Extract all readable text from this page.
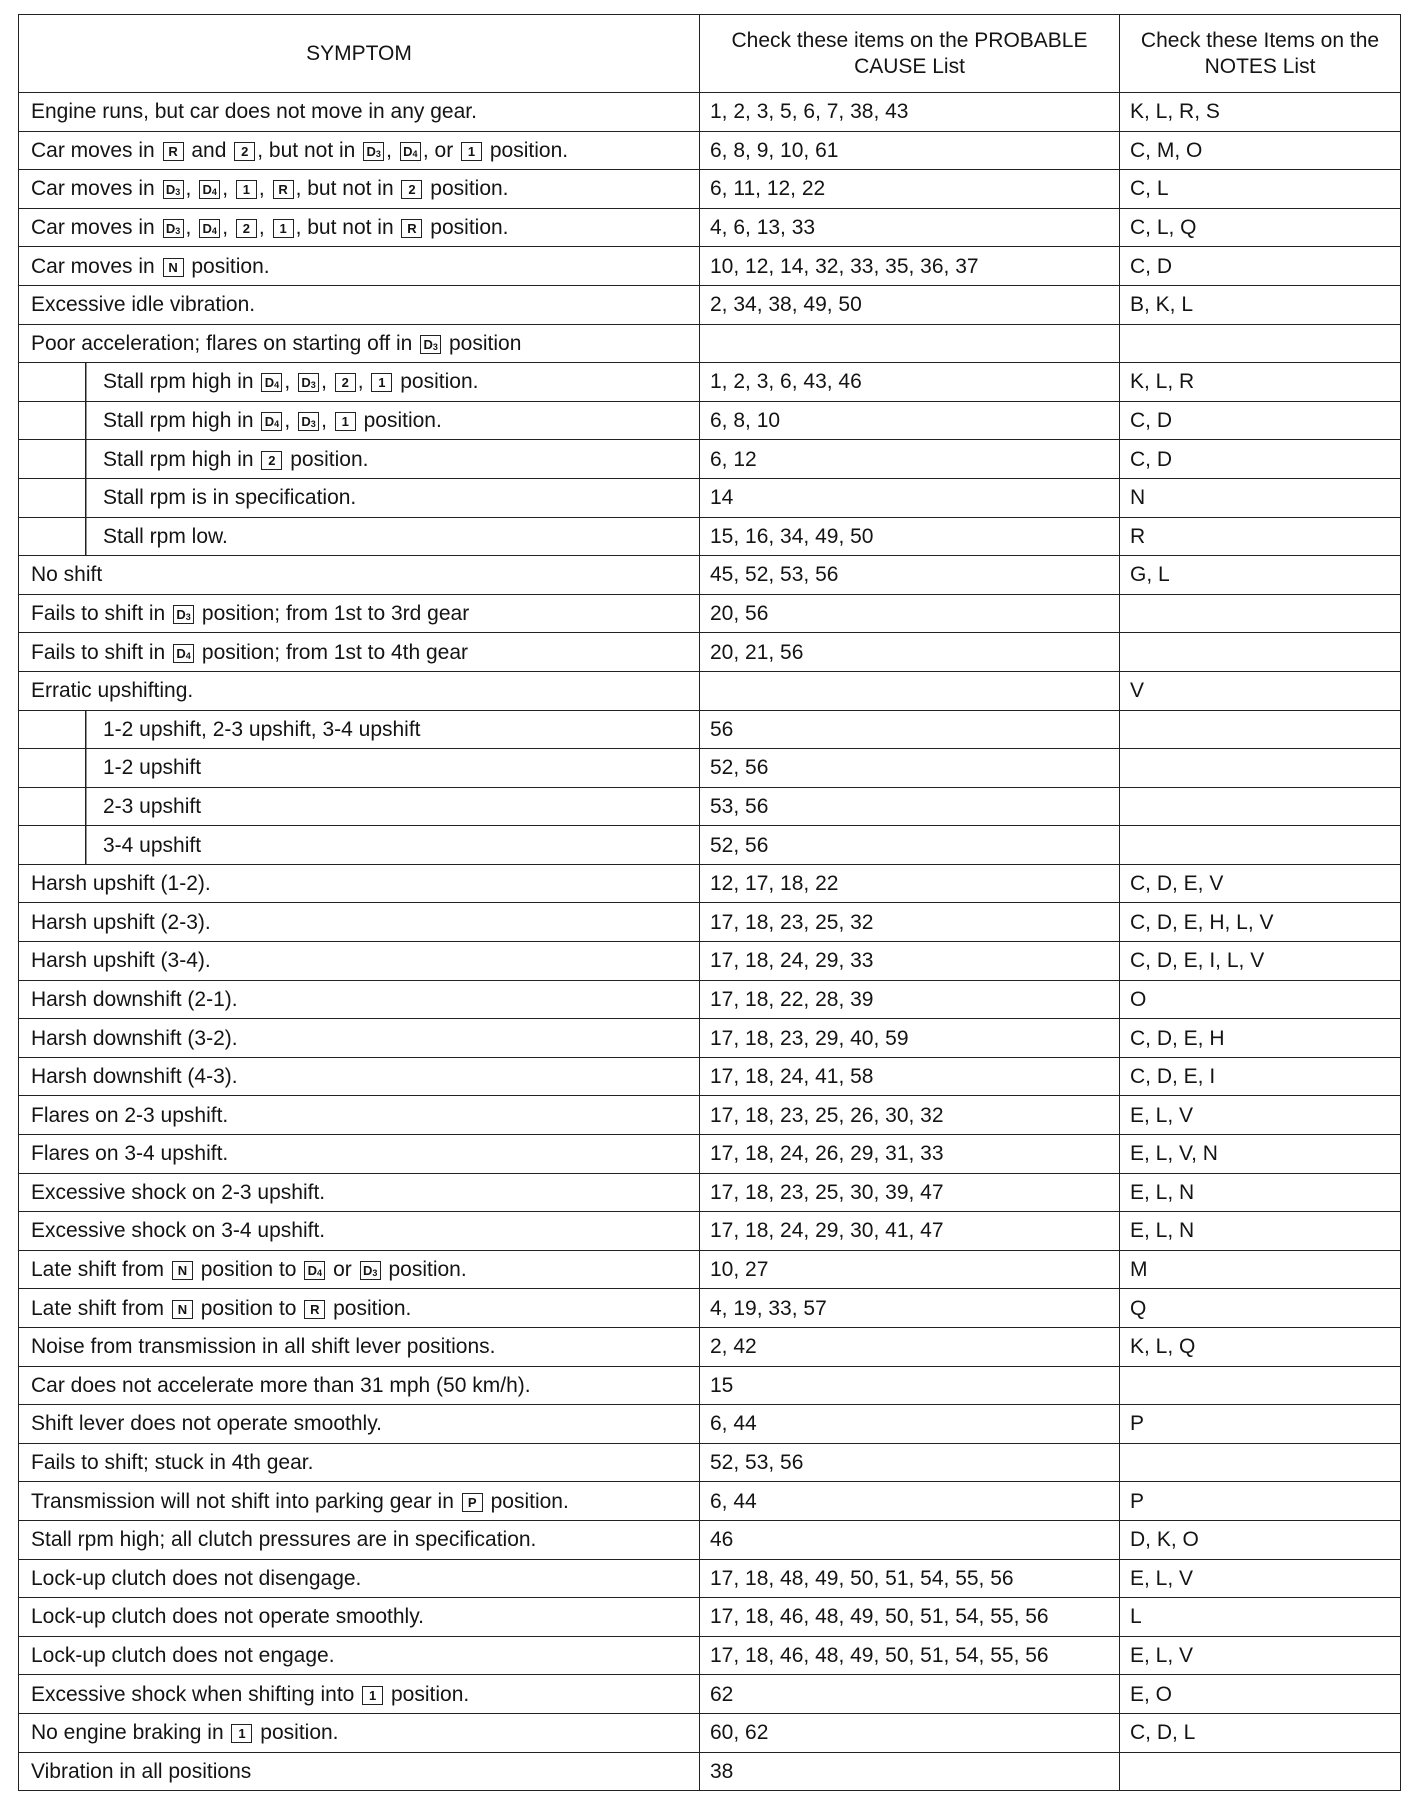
SYMPTOM	Check these items on the PROBABLE CAUSE List	Check these Items on the NOTES List
Engine runs, but car does not move in any gear.	1, 2, 3, 5, 6, 7, 38, 43	K, L, R, S
Car moves in R and 2 , but not in $D_3$ , $D_4$ , or 1 position.	6, 8, 9, 10, 61	C, M, O
Car moves in $D_3$ , $D_4$ , 1 , R , but not in 2 position.	6, 11, 12, 22	C, L
Car moves in $D_3$ , $D_4$ , 2 , 1 , but not in R position.	4, 6, 13, 33	C, L, Q
Car moves in N position.	10, 12, 14, 32, 33, 35, 36, 37	C, D
Excessive idle vibration.	2, 34, 38, 49, 50	B, K, L
Poor acceleration; flares on starting off in $D_3$ position		
Stall rpm high in $D_4$ , $D_3$ , 2 , 1 position.	1, 2, 3, 6, 43, 46	K, L, R
Stall rpm high in $D_4$ , $D_3$ , 1 position.	6, 8, 10	C, D
Stall rpm high in 2 position.	6, 12	C, D
Stall rpm is in specification.	14	N
Stall rpm low.	15, 16, 34, 49, 50	R
No shift	45, 52, 53, 56	G, L
Fails to shift in $D_3$ position; from 1st to 3rd gear	20, 56	
Fails to shift in $D_4$ position; from 1st to 4th gear	20, 21, 56	
Erratic upshifting.		V
1-2 upshift, 2-3 upshift, 3-4 upshift	56	
1-2 upshift	52, 56	
2-3 upshift	53, 56	
3-4 upshift	52, 56	
Harsh upshift (1-2).	12, 17, 18, 22	C, D, E, V
Harsh upshift (2-3).	17, 18, 23, 25, 32	C, D, E, H, L, V
Harsh upshift (3-4).	17, 18, 24, 29, 33	C, D, E, I, L, V
Harsh downshift (2-1).	17, 18, 22, 28, 39	O
Harsh downshift (3-2).	17, 18, 23, 29, 40, 59	C, D, E, H
Harsh downshift (4-3).	17, 18, 24, 41, 58	C, D, E, I
Flares on 2-3 upshift.	17, 18, 23, 25, 26, 30, 32	E, L, V
Flares on 3-4 upshift.	17, 18, 24, 26, 29, 31, 33	E, L, V, N
Excessive shock on 2-3 upshift.	17, 18, 23, 25, 30, 39, 47	E, L, N
Excessive shock on 3-4 upshift.	17, 18, 24, 29, 30, 41, 47	E, L, N
Late shift from N position to $D_4$ or $D_3$ position.	10, 27	M
Late shift from N position to R position.	4, 19, 33, 57	Q
Noise from transmission in all shift lever positions.	2, 42	K, L, Q
Car does not accelerate more than 31 mph (50 km/h).	15	
Shift lever does not operate smoothly.	6, 44	P
Fails to shift; stuck in 4th gear.	52, 53, 56	
Transmission will not shift into parking gear in P position.	6, 44	P
Stall rpm high; all clutch pressures are in specification.	46	D, K, O
Lock-up clutch does not disengage.	17, 18, 48, 49, 50, 51, 54, 55, 56	E, L, V
Lock-up clutch does not operate smoothly.	17, 18, 46, 48, 49, 50, 51, 54, 55, 56	L
Lock-up clutch does not engage.	17, 18, 46, 48, 49, 50, 51, 54, 55, 56	E, L, V
Excessive shock when shifting into 1 position.	62	E, O
No engine braking in 1 position.	60, 62	C, D, L
Vibration in all positions	38	
